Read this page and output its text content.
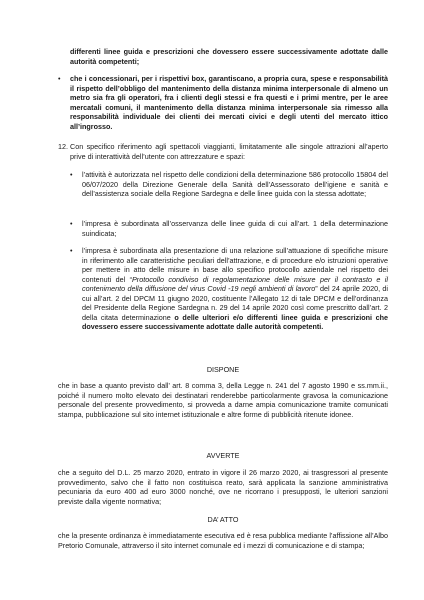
differenti linee guida e prescrizioni che dovessero essere successivamente adottate dalle autorità competenti;
•	che i concessionari, per i rispettivi box, garantiscano, a propria cura, spese e responsabilità il rispetto dell’obbligo del mantenimento della distanza minima interpersonale di almeno un metro sia fra gli operatori, fra i clienti degli stessi e fra questi e i primi mentre, per le aree mercatali comuni, il mantenimento della distanza minima interpersonale sia rimesso alla responsabilità individuale dei clienti dei mercati civici e degli utenti del mercato ittico all’ingrosso.
12. Con specifico riferimento agli spettacoli viaggianti, limitatamente alle singole attrazioni all’aperto prive di interattività dell’utente con attrezzature e spazi:
•	l’attività è autorizzata nel rispetto delle condizioni della determinazione 586 protocollo 15804 del 06/07/2020 della Direzione Generale della Sanità dell’Assessorato dell’igiene e sanità e dell’assistenza sociale della Regione Sardegna e delle linee guida con la stessa adottate;
•	l’impresa è subordinata all’osservanza delle linee guida di cui all’art. 1 della determinazione suindicata;
•	l’impresa è subordinata alla presentazione di una relazione sull’attuazione di specifiche misure in riferimento alle caratteristiche peculiari dell’attrazione, e di procedure e/o istruzioni operative per mettere in atto delle misure in base allo specifico protocollo aziendale nel rispetto dei contenuti del “Protocollo condiviso di regolamentazione delle misure per il contrasto e il contenimento della diffusione del virus Covid -19 negli ambienti di lavoro” del 24 aprile 2020, di cui all’art. 2 del DPCM 11 giugno 2020, costituente l’Allegato 12 di tale DPCM e dell’ordinanza del Presidente della Regione Sardegna n. 29 del 14 aprile 2020 così come prescritto dall’art. 2 della citata determinazione o delle ulteriori e/o differenti linee guida e prescrizioni che dovessero essere successivamente adottate dalle autorità competenti.
DISPONE
che in base a quanto previsto dall’ art. 8 comma 3, della Legge n. 241 del 7 agosto 1990 e ss.mm.ii., poiché il numero molto elevato dei destinatari renderebbe particolarmente gravosa la comunicazione personale del presente provvedimento, si provveda a darne ampia comunicazione tramite comunicati stampa, pubblicazione sul sito internet istituzionale e altre forme di pubblicità ritenute idonee.
AVVERTE
che a seguito del D.L. 25 marzo 2020, entrato in vigore il 26 marzo 2020, ai trasgressori al presente provvedimento, salvo che il fatto non costituisca reato, sarà applicata la sanzione amministrativa pecuniaria da euro 400 ad euro 3000 nonché, ove ne ricorrano i presupposti, le ulteriori sanzioni previste dalla vigente normativa;
DA’ ATTO
che la presente ordinanza è immediatamente esecutiva ed è resa pubblica mediante l’affissione all’Albo Pretorio Comunale, attraverso il sito internet comunale ed i mezzi di comunicazione e di stampa;
